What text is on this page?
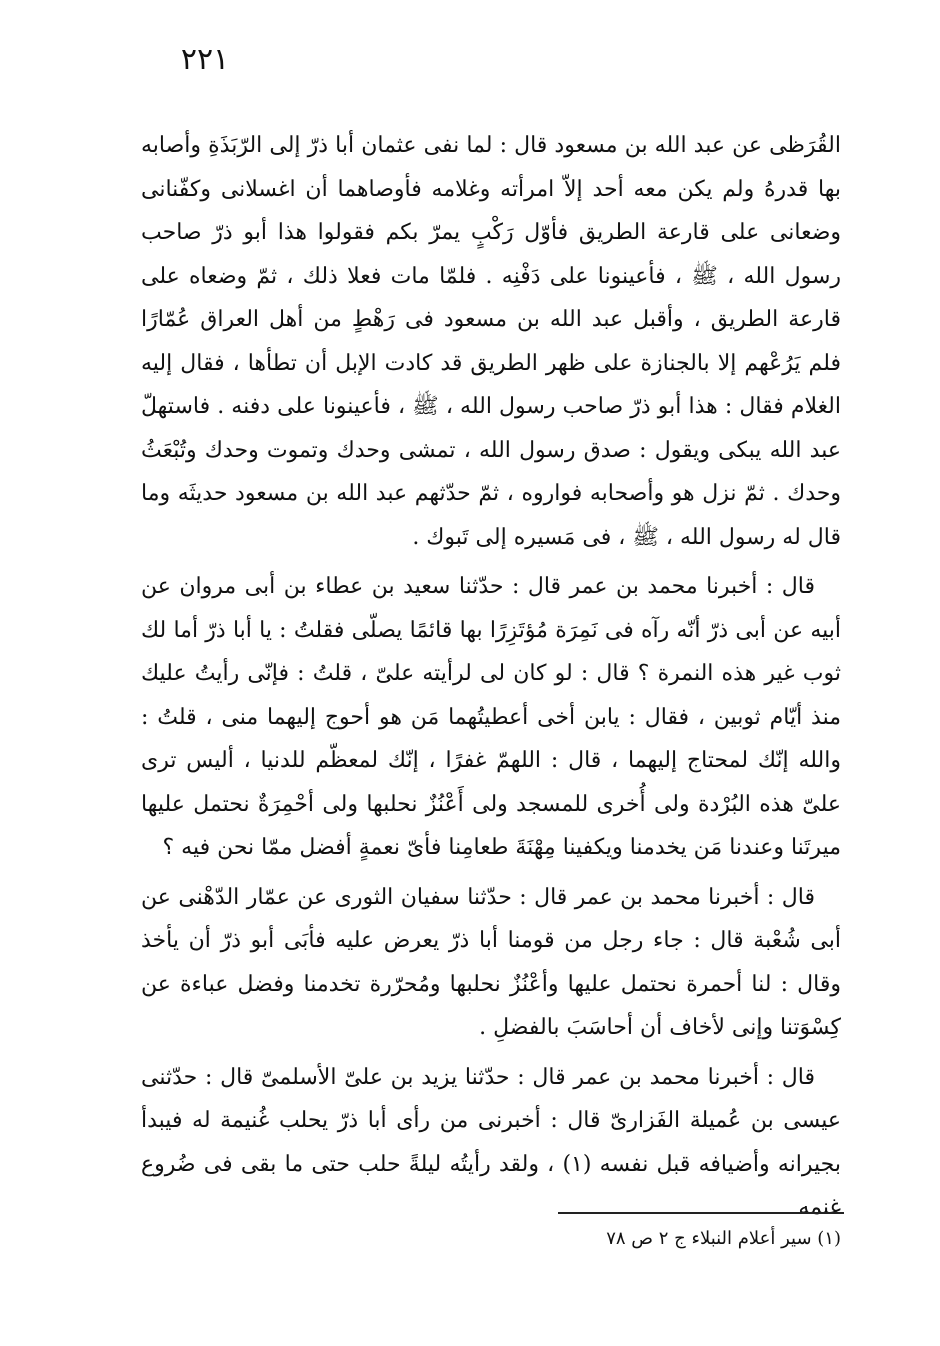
٢٢١

القُرَظى عن عبد الله بن مسعود قال : لما نفى عثمان أبا ذرّ إلى الرّبَذَةِ وأصابه بها قدرهُ ولم يكن معه أحد إلاّ امرأته وغلامه فأوصاهما أن اغسلانى وكفّنانى وضعانى على قارعة الطريق فأوّل رَكْبٍ يمرّ بكم فقولوا هذا أبو ذرّ صاحب رسول الله ، ﷺ ، فأعينونا على دَفْنِه . فلمّا مات فعلا ذلك ، ثمّ وضعاه على قارعة الطريق ، وأقبل عبد الله بن مسعود فى رَهْطٍ من أهل العراق عُمّارًا فلم يَرُعْهم إلا بالجنازة على ظهر الطريق قد كادت الإبل أن تطأها ، فقال إليه الغلام فقال : هذا أبو ذرّ صاحب رسول الله ، ﷺ ، فأعينونا على دفنه . فاستهلّ عبد الله يبكى ويقول : صدق رسول الله ، تمشى وحدك وتموت وحدك وتُبْعَثُ وحدك . ثمّ نزل هو وأصحابه فواروه ، ثمّ حدّثهم عبد الله بن مسعود حديثَه وما قال له رسول الله ، ﷺ ، فى مَسيره إلى تَبوك .

قال : أخبرنا محمد بن عمر قال : حدّثنا سعيد بن عطاء بن أبى مروان عن أبيه عن أبى ذرّ أنّه رآه فى نَمِرَة مُؤتَزِرًا بها قائمًا يصلّى فقلتُ : يا أبا ذرّ أما لك ثوب غير هذه النمرة ؟ قال : لو كان لى لرأيته علىّ ، قلتُ : فإنّى رأيتُ عليك منذ أيّام ثوبين ، فقال : يابن أخى أعطيتُهما مَن هو أحوج إليهما منى ، قلتُ : والله إنّك لمحتاج إليهما ، قال : اللهمّ غفرًا ، إنّك لمعظّم للدنيا ، أليس ترى علىّ هذه البُرْدة ولى أُخرى للمسجد ولى أَعْنُزٌ نحلبها ولى أحْمِرَةٌ نحتمل عليها ميرتَنا وعندنا مَن يخدمنا ويكفينا مِهْنَةَ طعامِنا فأىّ نعمةٍ أفضل ممّا نحن فيه ؟

قال : أخبرنا محمد بن عمر قال : حدّثنا سفيان الثورى عن عمّار الدّهْنى عن أبى شُعْبة قال : جاء رجل من قومنا أبا ذرّ يعرض عليه فأبَى أبو ذرّ أن يأخذ وقال : لنا أحمرة نحتمل عليها وأعْنُزٌ نحلبها ومُحرّرة تخدمنا وفضل عباءة عن كِسْوَتنا وإنى لأخاف أن أحاسَبَ بالفضلِ .

قال : أخبرنا محمد بن عمر قال : حدّثنا يزيد بن علىّ الأسلمىّ قال : حدّثنى عيسى بن عُميلة الفَزارىّ قال : أخبرنى من رأى أبا ذرّ يحلب غُنيمة له فيبدأ بجيرانه وأضيافه قبل نفسه (١) ، ولقد رأيتُه ليلةً حلب حتى ما بقى فى ضُروع غنمه

(١) سير أعلام النبلاء ج ٢ ص ٧٨
